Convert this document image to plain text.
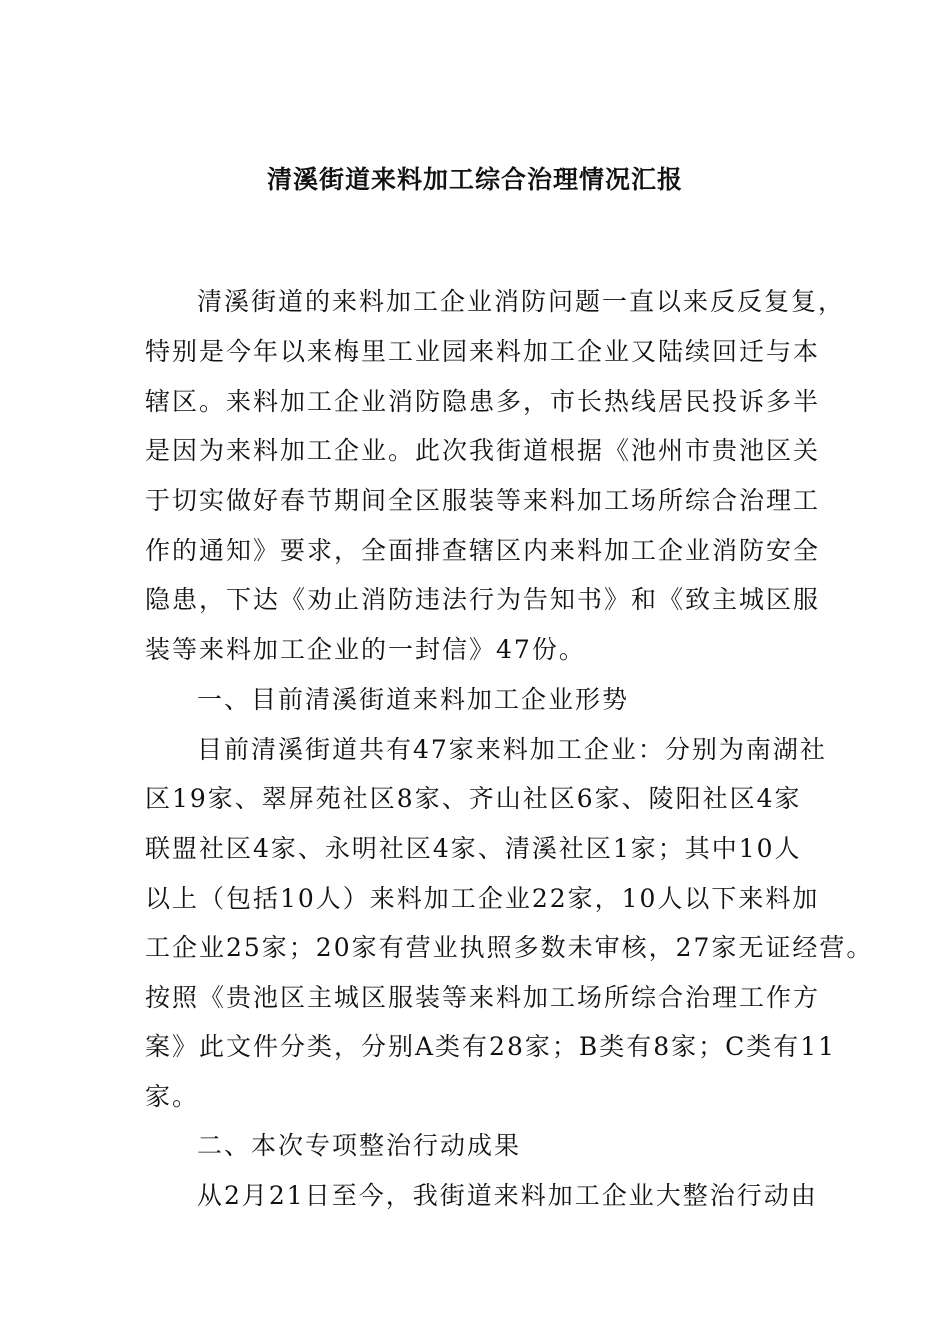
清溪街道来料加工综合治理情况汇报

清溪街道的来料加工企业消防问题一直以来反反复复，

特别是今年以来梅里工业园来料加工企业又陆续回迁与本

辖区。来料加工企业消防隐患多，市长热线居民投诉多半

是因为来料加工企业。此次我街道根据《池州市贵池区关

于切实做好春节期间全区服装等来料加工场所综合治理工

作的通知》要求，全面排查辖区内来料加工企业消防安全

隐患，下达《劝止消防违法行为告知书》和《致主城区服

装等来料加工企业的一封信》47份。

一、目前清溪街道来料加工企业形势

目前清溪街道共有47家来料加工企业：分别为南湖社

区19家、翠屏苑社区8家、齐山社区6家、陵阳社区4家

联盟社区4家、永明社区4家、清溪社区1家；其中10人

以上（包括10人）来料加工企业22家，10人以下来料加

工企业25家；20家有营业执照多数未审核，27家无证经营。

按照《贵池区主城区服装等来料加工场所综合治理工作方

案》此文件分类，分别A类有28家；B类有8家；C类有11

家。

二、本次专项整治行动成果

从2月21日至今，我街道来料加工企业大整治行动由
